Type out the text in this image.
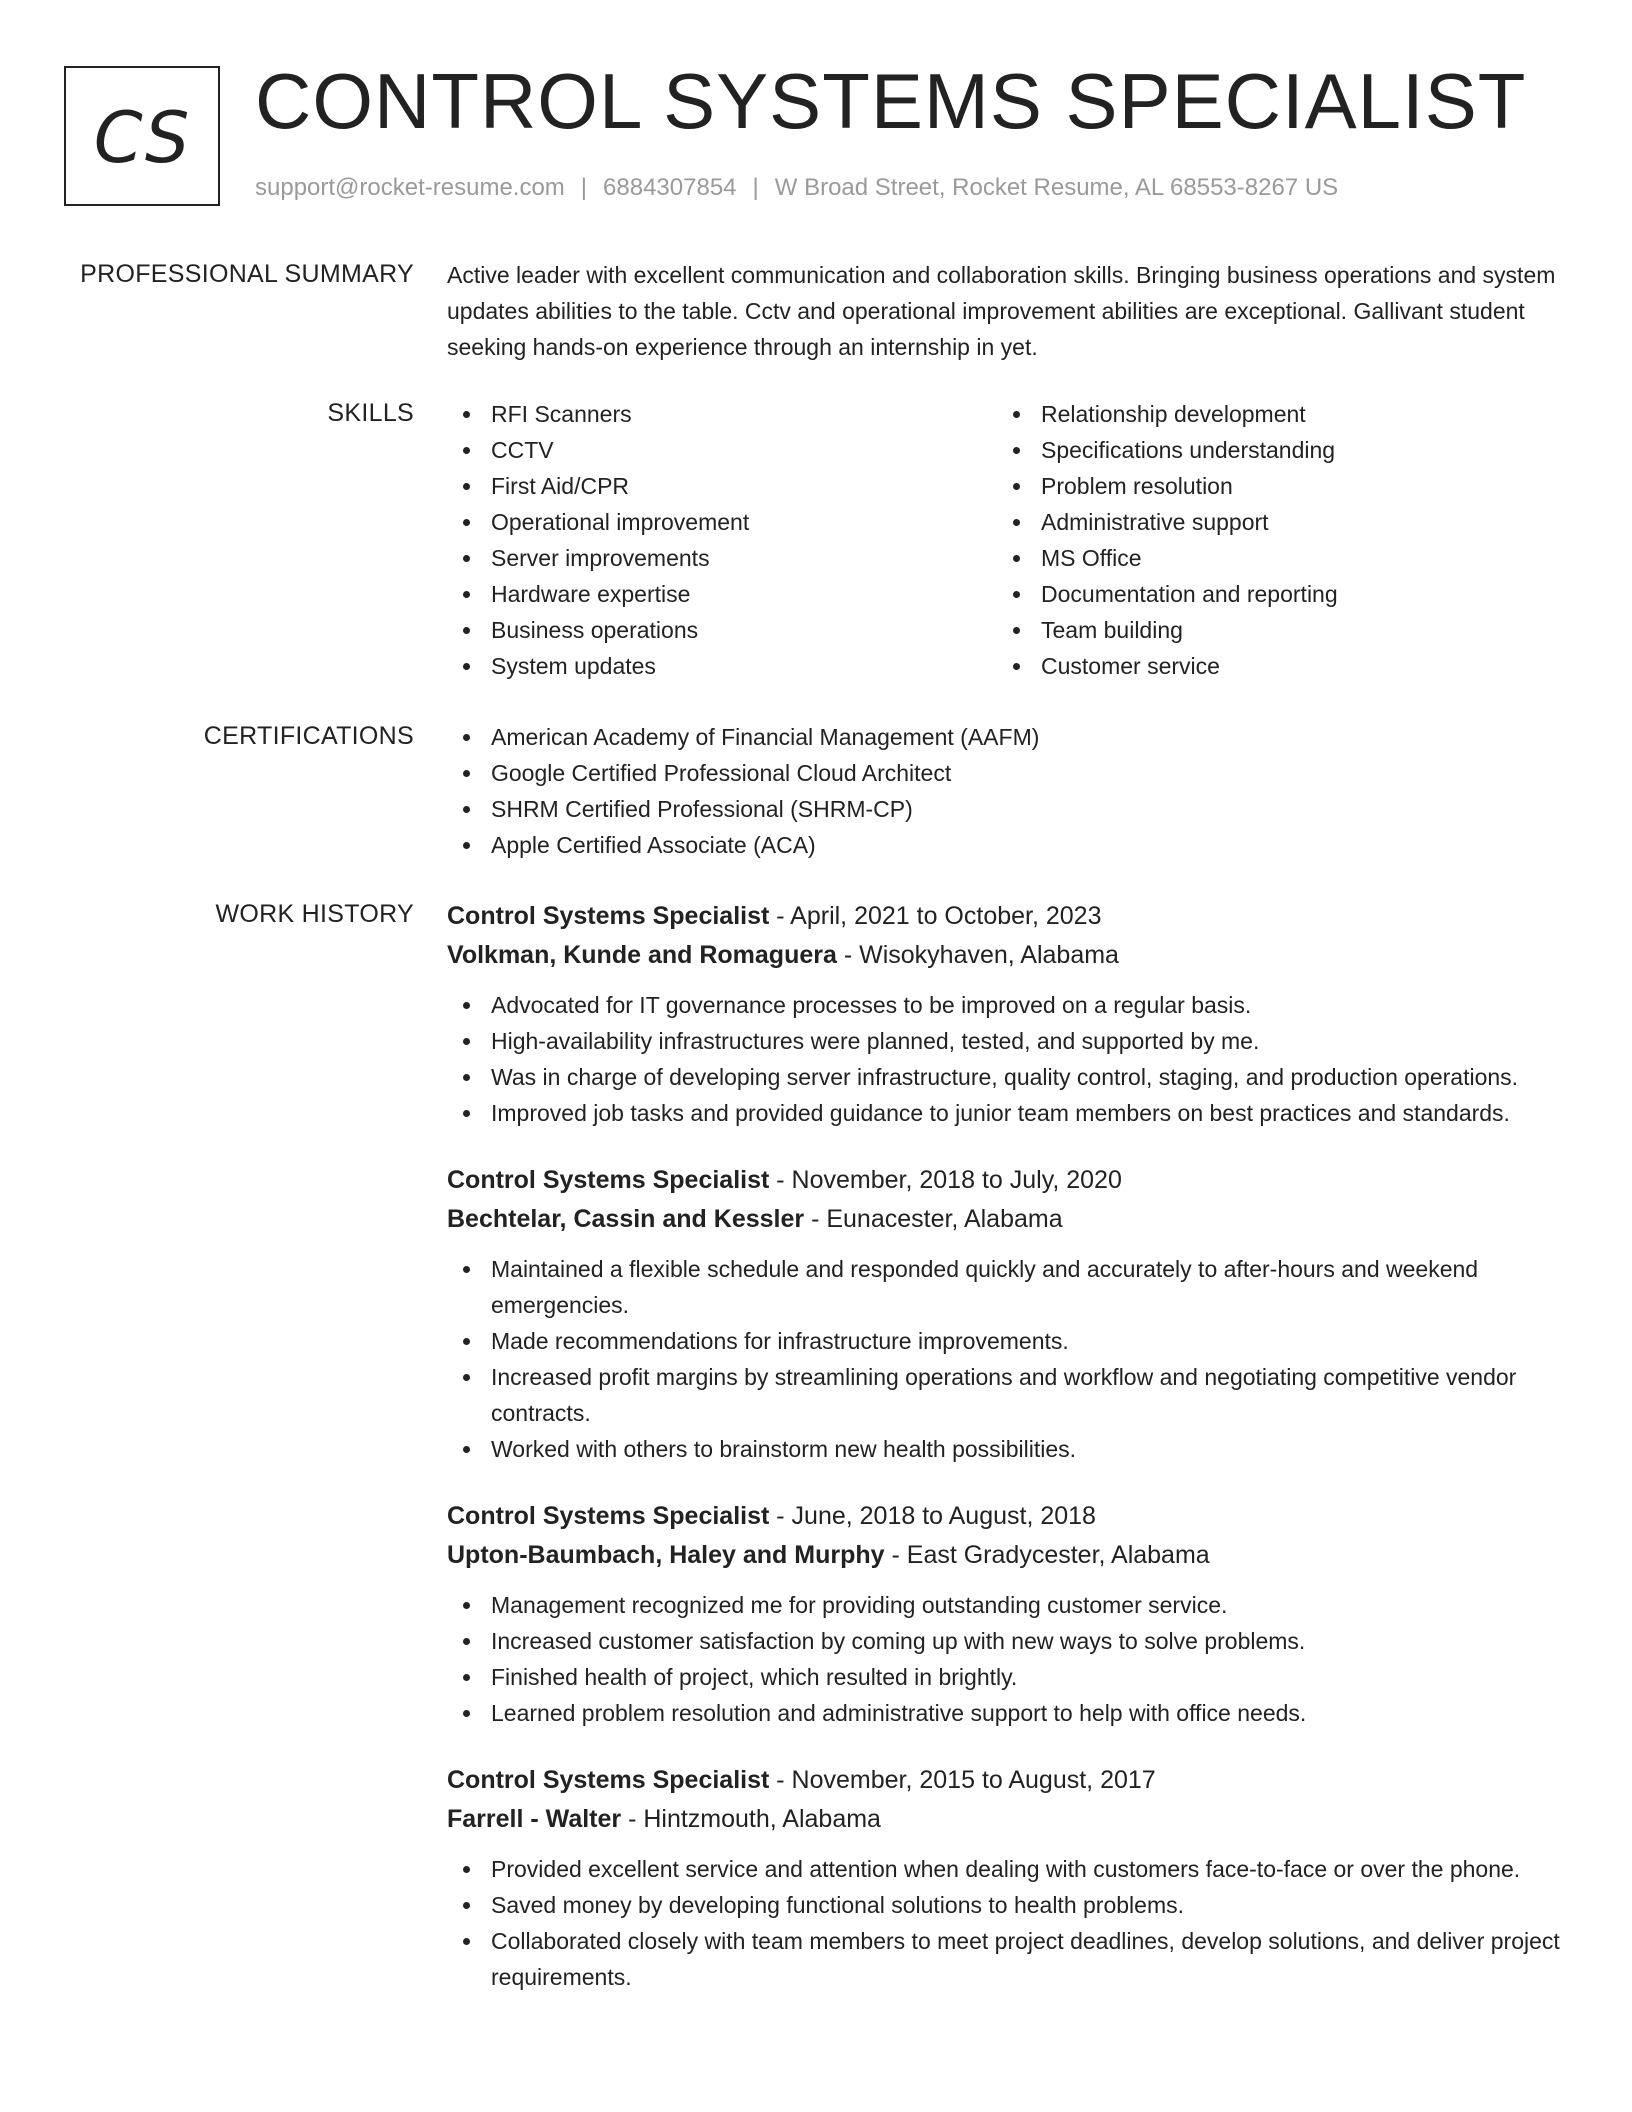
CS CONTROL SYSTEMS SPECIALIST
support@rocket-resume.com | 6884307854 | W Broad Street, Rocket Resume, AL 68553-8267 US
PROFESSIONAL SUMMARY Active leader with excellent communication and collaboration skills. Bringing business operations and system updates abilities to the table. Cctv and operational improvement abilities are exceptional. Gallivant student seeking hands-on experience through an internship in yet.
SKILLS	RFI Scanners
CCTV
First Aid/CPR
Operational improvement
Server improvements
Hardware expertise
Business operations
System updates
Relationship development
Specifications understanding
Problem resolution
Administrative support
MS Office
Documentation and reporting
Team building
Customer service
CERTIFICATIONS	American Academy of Financial Management (AAFM)
Google Certified Professional Cloud Architect
SHRM Certified Professional (SHRM-CP)
Apple Certified Associate (ACA)
WORK HISTORY Control Systems Specialist - April, 2021 to October, 2023
Volkman, Kunde and Romaguera - Wisokyhaven, Alabama
Advocated for IT governance processes to be improved on a regular basis.
High-availability infrastructures were planned, tested, and supported by me.
Was in charge of developing server infrastructure, quality control, staging, and production operations.
Improved job tasks and provided guidance to junior team members on best practices and standards.
Control Systems Specialist - November, 2018 to July, 2020
Bechtelar, Cassin and Kessler - Eunacester, Alabama
Maintained a flexible schedule and responded quickly and accurately to after-hours and weekend emergencies.
Made recommendations for infrastructure improvements.
Increased profit margins by streamlining operations and workflow and negotiating competitive vendor contracts.
Worked with others to brainstorm new health possibilities.
Control Systems Specialist - June, 2018 to August, 2018
Upton-Baumbach, Haley and Murphy - East Gradycester, Alabama
Management recognized me for providing outstanding customer service.
Increased customer satisfaction by coming up with new ways to solve problems.
Finished health of project, which resulted in brightly.
Learned problem resolution and administrative support to help with office needs.
Control Systems Specialist - November, 2015 to August, 2017
Farrell - Walter - Hintzmouth, Alabama
Provided excellent service and attention when dealing with customers face-to-face or over the phone.
Saved money by developing functional solutions to health problems.
Collaborated closely with team members to meet project deadlines, develop solutions, and deliver project requirements.
